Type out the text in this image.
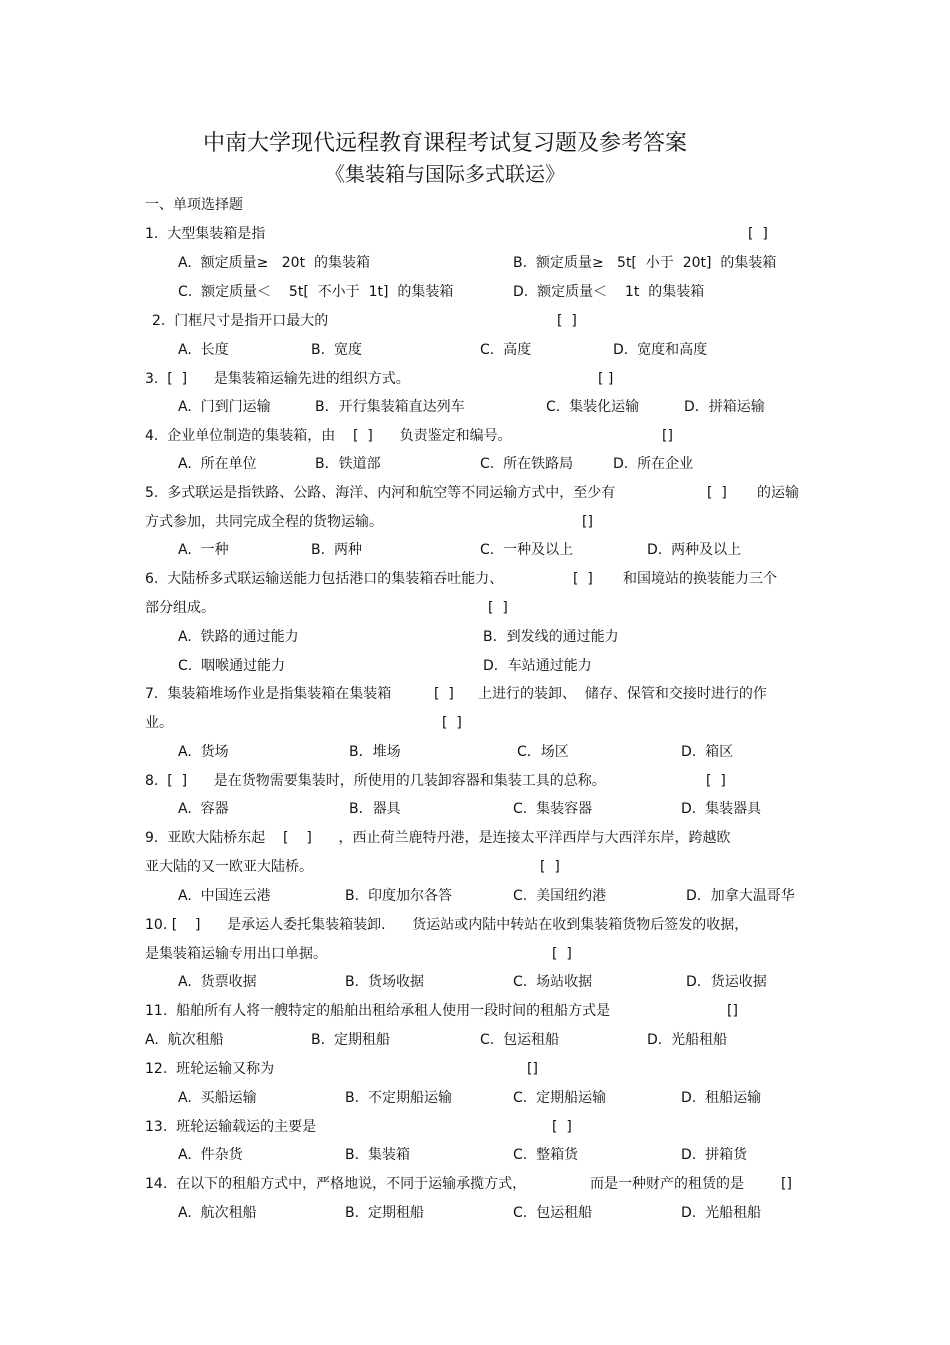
中南大学现代远程教育课程考试复习题及参考答案
《集装箱与国际多式联运》
一、单项选择题
1.  大型集装箱是指	[  ]
A.  额定质量≥   20t  的集装箱	B.  额定质量≥   5t[  小于  20t]  的集装箱
C.  额定质量＜    5t[  不小于  1t]  的集装箱	D.  额定质量＜    1t  的集装箱
2.  门框尺寸是指开口最大的	[  ]
A.  长度	B.  宽度	C.  高度	D.  宽度和高度
3.  [  ]      是集装箱运输先进的组织方式。	[ ]
A.  门到门运输	B．开行集装箱直达列车	C.  集装化运输	D．拼箱运输
4.  企业单位制造的集装箱，由    [  ]      负责鉴定和编号。	[]
A.  所在单位	B．铁道部	C.  所在铁路局	D.  所在企业
5.  多式联运是指铁路、公路、海洋、内河和航空等不同运输方式中，至少有	[  ] 的运输
方式参加，共同完成全程的货物运输。	[]
A.  一种	B.  两种	C.  一种及以上	D.  两种及以上
6.  大陆桥多式联运输送能力包括港口的集装箱吞吐能力、	[  ] 和国境站的换装能力三个
部分组成。	[  ]
A.  铁路的通过能力	B．到发线的通过能力
C.  咽喉通过能力	D．车站通过能力
7.  集装箱堆场作业是指集装箱在集装箱	[  ] 上进行的装卸、  储存、保管和交接时进行的作
业。	[  ]
A.  货场	B．堆场	C．场区	D.  箱区
8.  [  ]      是在货物需要集装时，所使用的几装卸容器和集装工具的总称。	[  ]
A.  容器	B．器具	C.  集装容器	D.  集装器具
9.  亚欧大陆桥东起    [    ]      ，西止荷兰鹿特丹港，是连接太平洋西岸与大西洋东岸，跨越欧
亚大陆的又一欧亚大陆桥。	[  ]
A.  中国连云港	B.  印度加尔各答	C.  美国纽约港	D．加拿大温哥华
10. [    ]      是承运人委托集装箱装卸.      货运站或内陆中转站在收到集装箱货物后签发的收据，
是集装箱运输专用出口单据。	[  ]
A.  货票收据	B.  货场收据	C.  场站收据	D．货运收据
11.  船舶所有人将一艘特定的船舶出租给承租人使用一段时间的租船方式是	[]
A.  航次租船	B.  定期租船	C.  包运租船	D.  光船租船
12.  班轮运输又称为	[]
A.  买船运输	B.  不定期船运输	C.  定期船运输	D.  租船运输
13.  班轮运输载运的主要是	[  ]
A.  件杂货	B.  集装箱	C.  整箱货	D.  拼箱货
14.  在以下的租船方式中，严格地说，不同于运输承揽方式，	而是一种财产的租赁的是	[]
A.  航次租船	B.  定期租船	C.  包运租船	D.  光船租船
